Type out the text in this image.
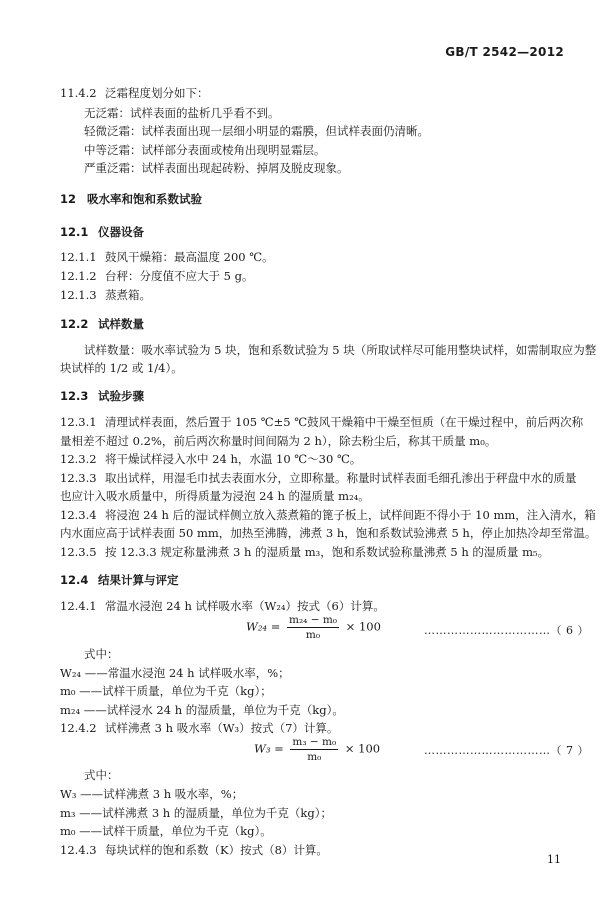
GB/T 2542—2012
11.4.2 泛霜程度划分如下：
无泛霜：试样表面的盐析几乎看不到。
轻微泛霜：试样表面出现一层细小明显的霜膜，但试样表面仍清晰。
中等泛霜：试样部分表面或棱角出现明显霜层。
严重泛霜：试样表面出现起砖粉、掉屑及脱皮现象。
12 吸水率和饱和系数试验
12.1 仪器设备
12.1.1 鼓风干燥箱：最高温度 200 ℃。
12.1.2 台秤：分度值不应大于 5 g。
12.1.3 蒸煮箱。
12.2 试样数量
试样数量：吸水率试验为 5 块，饱和系数试验为 5 块（所取试样尽可能用整块试样，如需制取应为整
块试样的 1/2 或 1/4）。
12.3 试验步骤
12.3.1 清理试样表面，然后置于 105 ℃±5 ℃鼓风干燥箱中干燥至恒质（在干燥过程中，前后两次称
量相差不超过 0.2%，前后两次称量时间间隔为 2 h），除去粉尘后，称其干质量 m₀。
12.3.2 将干燥试样浸入水中 24 h，水温 10 ℃～30 ℃。
12.3.3 取出试样，用湿毛巾拭去表面水分，立即称量。称量时试样表面毛细孔渗出于秤盘中水的质量
也应计入吸水质量中，所得质量为浸泡 24 h 的湿质量 m₂₄。
12.3.4 将浸泡 24 h 后的湿试样侧立放入蒸煮箱的篦子板上，试样间距不得小于 10 mm，注入清水，箱
内水面应高于试样表面 50 mm，加热至沸腾，沸煮 3 h，饱和系数试验沸煮 5 h，停止加热冷却至常温。
12.3.5 按 12.3.3 规定称量沸煮 3 h 的湿质量 m₃，饱和系数试验称量沸煮 5 h 的湿质量 m₅。
12.4 结果计算与评定
12.4.1 常温水浸泡 24 h 试样吸水率（W₂₄）按式（6）计算。
$W_{24} = \frac{\text{m₂₄ − m₀}}{\text{m₀}} \times 100$	……………………………（ 6 ）
式中：
W₂₄ ——常温水浸泡 24 h 试样吸水率，%；
m₀ ——试样干质量，单位为千克（kg）；
m₂₄ ——试样浸水 24 h 的湿质量，单位为千克（kg）。
12.4.2 试样沸煮 3 h 吸水率（W₃）按式（7）计算。
$W_3 = \frac{\text{m₃ − m₀}}{\text{m₀}} \times 100$	……………………………（ 7 ）
式中：
W₃ ——试样沸煮 3 h 吸水率，%；
m₃ ——试样沸煮 3 h 的湿质量，单位为千克（kg）；
m₀ ——试样干质量，单位为千克（kg）。
12.4.3 每块试样的饱和系数（K）按式（8）计算。
11
